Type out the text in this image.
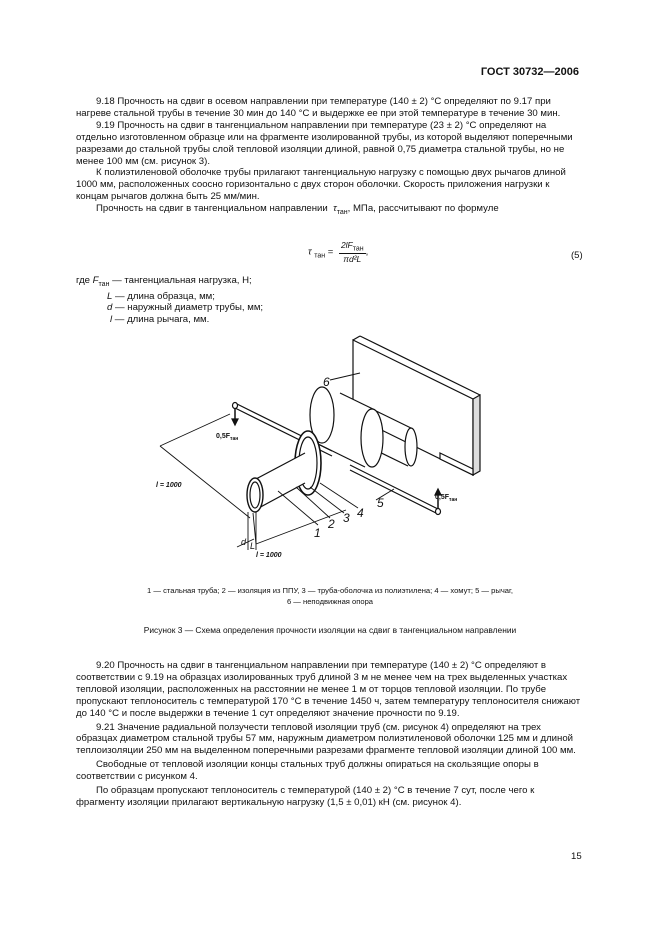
ГОСТ 30732—2006

9.18 Прочность на сдвиг в осевом направлении при температуре (140 ± 2) °С определяют по 9.17 при нагреве стальной трубы в течение 30 мин до 140 °С и выдержке ее при этой температуре в течение 30 мин.

9.19 Прочность на сдвиг в тангенциальном направлении при температуре (23 ± 2) °С определяют на отдельно изготовленном образце или на фрагменте изолированной трубы, из которой выделяют поперечными разрезами до стальной трубы слой тепловой изоляции длиной, равной 0,75 диаметра стальной трубы, но не менее 100 мм (см. рисунок 3).

К полиэтиленовой оболочке трубы прилагают тангенциальную нагрузку с помощью двух рычагов длиной 1000 мм, расположенных соосно горизонтально с двух сторон оболочки. Скорость приложения нагрузки к концам рычагов должна быть 25 мм/мин.

Прочность на сдвиг в тангенциальном направлении $\tau_{тан}$, МПа, рассчитывают по формуле

τ $_{тан} = \frac{2lF_{тан}}{\text{πd²L}}$ ,	(5)
где $F_{тан}$ — тангенциальная нагрузка, Н;
L — длина образца, мм;
d — наружный диаметр трубы, мм;
l — длина рычага, мм.
1
2 3 4
5
6
$0,5F_{тан}$
$0,5F_{тан}$
l = 1000
l = 1000
d L
1 — стальная труба; 2 — изоляция из ППУ, 3 — труба-оболочка из полиэтилена; 4 — хомут; 5 — рычаг,
6 — неподвижная опора
Рисунок 3 — Схема определения прочности изоляции на сдвиг в тангенциальном направлении

9.20 Прочность на сдвиг в тангенциальном направлении при температуре (140 ± 2) °С определяют в соответствии с 9.19 на образцах изолированных труб длиной 3 м не менее чем на трех выделенных участках тепловой изоляции, расположенных на расстоянии не менее 1 м от торцов тепловой изоляции. По трубе пропускают теплоноситель с температурой 170 °С в течение 1450 ч, затем температуру теплоносителя снижают до 140 °С и после выдержки в течение 1 сут определяют значение прочности по 9.19.

9.21 Значение радиальной ползучести тепловой изоляции труб (см. рисунок 4) определяют на трех образцах диаметром стальной трубы 57 мм, наружным диаметром полиэтиленовой оболочки 125 мм и длиной теплоизоляции 250 мм на выделенном поперечными разрезами фрагменте тепловой изоляции длиной 100 мм.

Свободные от тепловой изоляции концы стальных труб должны опираться на скользящие опоры в соответствии с рисунком 4.

По образцам пропускают теплоноситель с температурой (140 ± 2) °С в течение 7 сут, после чего к фрагменту изоляции прилагают вертикальную нагрузку (1,5 ± 0,01) кН (см. рисунок 4).

15
